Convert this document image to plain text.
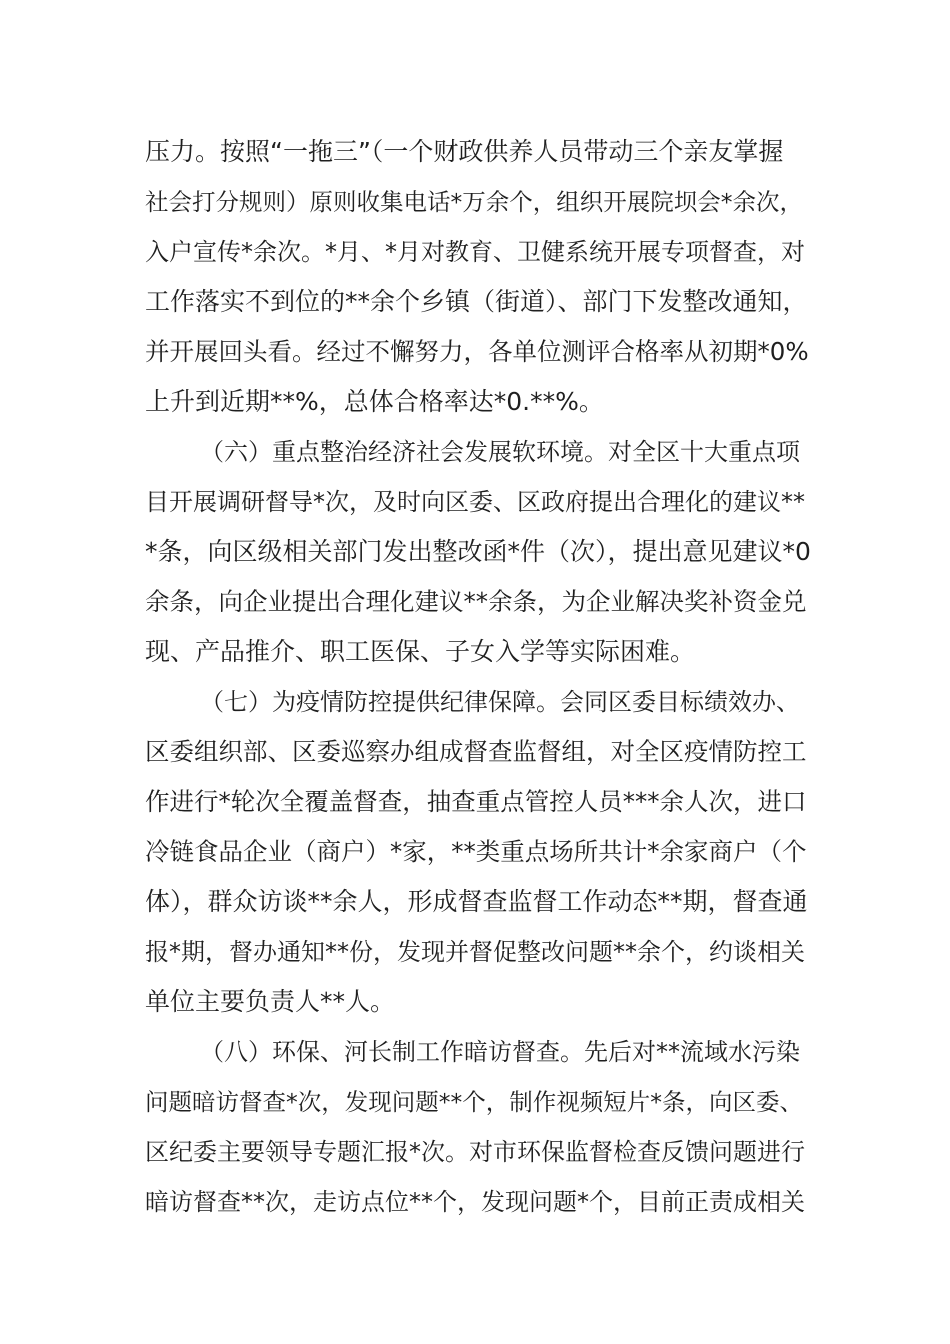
压力。按照“一拖三”（一个财政供养人员带动三个亲友掌握
社会打分规则）原则收集电话*万余个，组织开展院坝会*余次，
入户宣传*余次。*月、*月对教育、卫健系统开展专项督查，对
工作落实不到位的**余个乡镇（街道）、部门下发整改通知，
并开展回头看。经过不懈努力，各单位测评合格率从初期*0%
上升到近期**%，总体合格率达*0.**%。
（六）重点整治经济社会发展软环境。对全区十大重点项
目开展调研督导*次，及时向区委、区政府提出合理化的建议**
*条，向区级相关部门发出整改函*件（次），提出意见建议*0
余条，向企业提出合理化建议**余条，为企业解决奖补资金兑
现、产品推介、职工医保、子女入学等实际困难。
（七）为疫情防控提供纪律保障。会同区委目标绩效办、
区委组织部、区委巡察办组成督查监督组，对全区疫情防控工
作进行*轮次全覆盖督查，抽查重点管控人员***余人次，进口
冷链食品企业（商户）*家，**类重点场所共计*余家商户（个
体），群众访谈**余人，形成督查监督工作动态**期，督查通
报*期，督办通知**份，发现并督促整改问题**余个，约谈相关
单位主要负责人**人。
（八）环保、河长制工作暗访督查。先后对**流域水污染
问题暗访督查*次，发现问题**个，制作视频短片*条，向区委、
区纪委主要领导专题汇报*次。对市环保监督检查反馈问题进行
暗访督查**次，走访点位**个，发现问题*个，目前正责成相关
